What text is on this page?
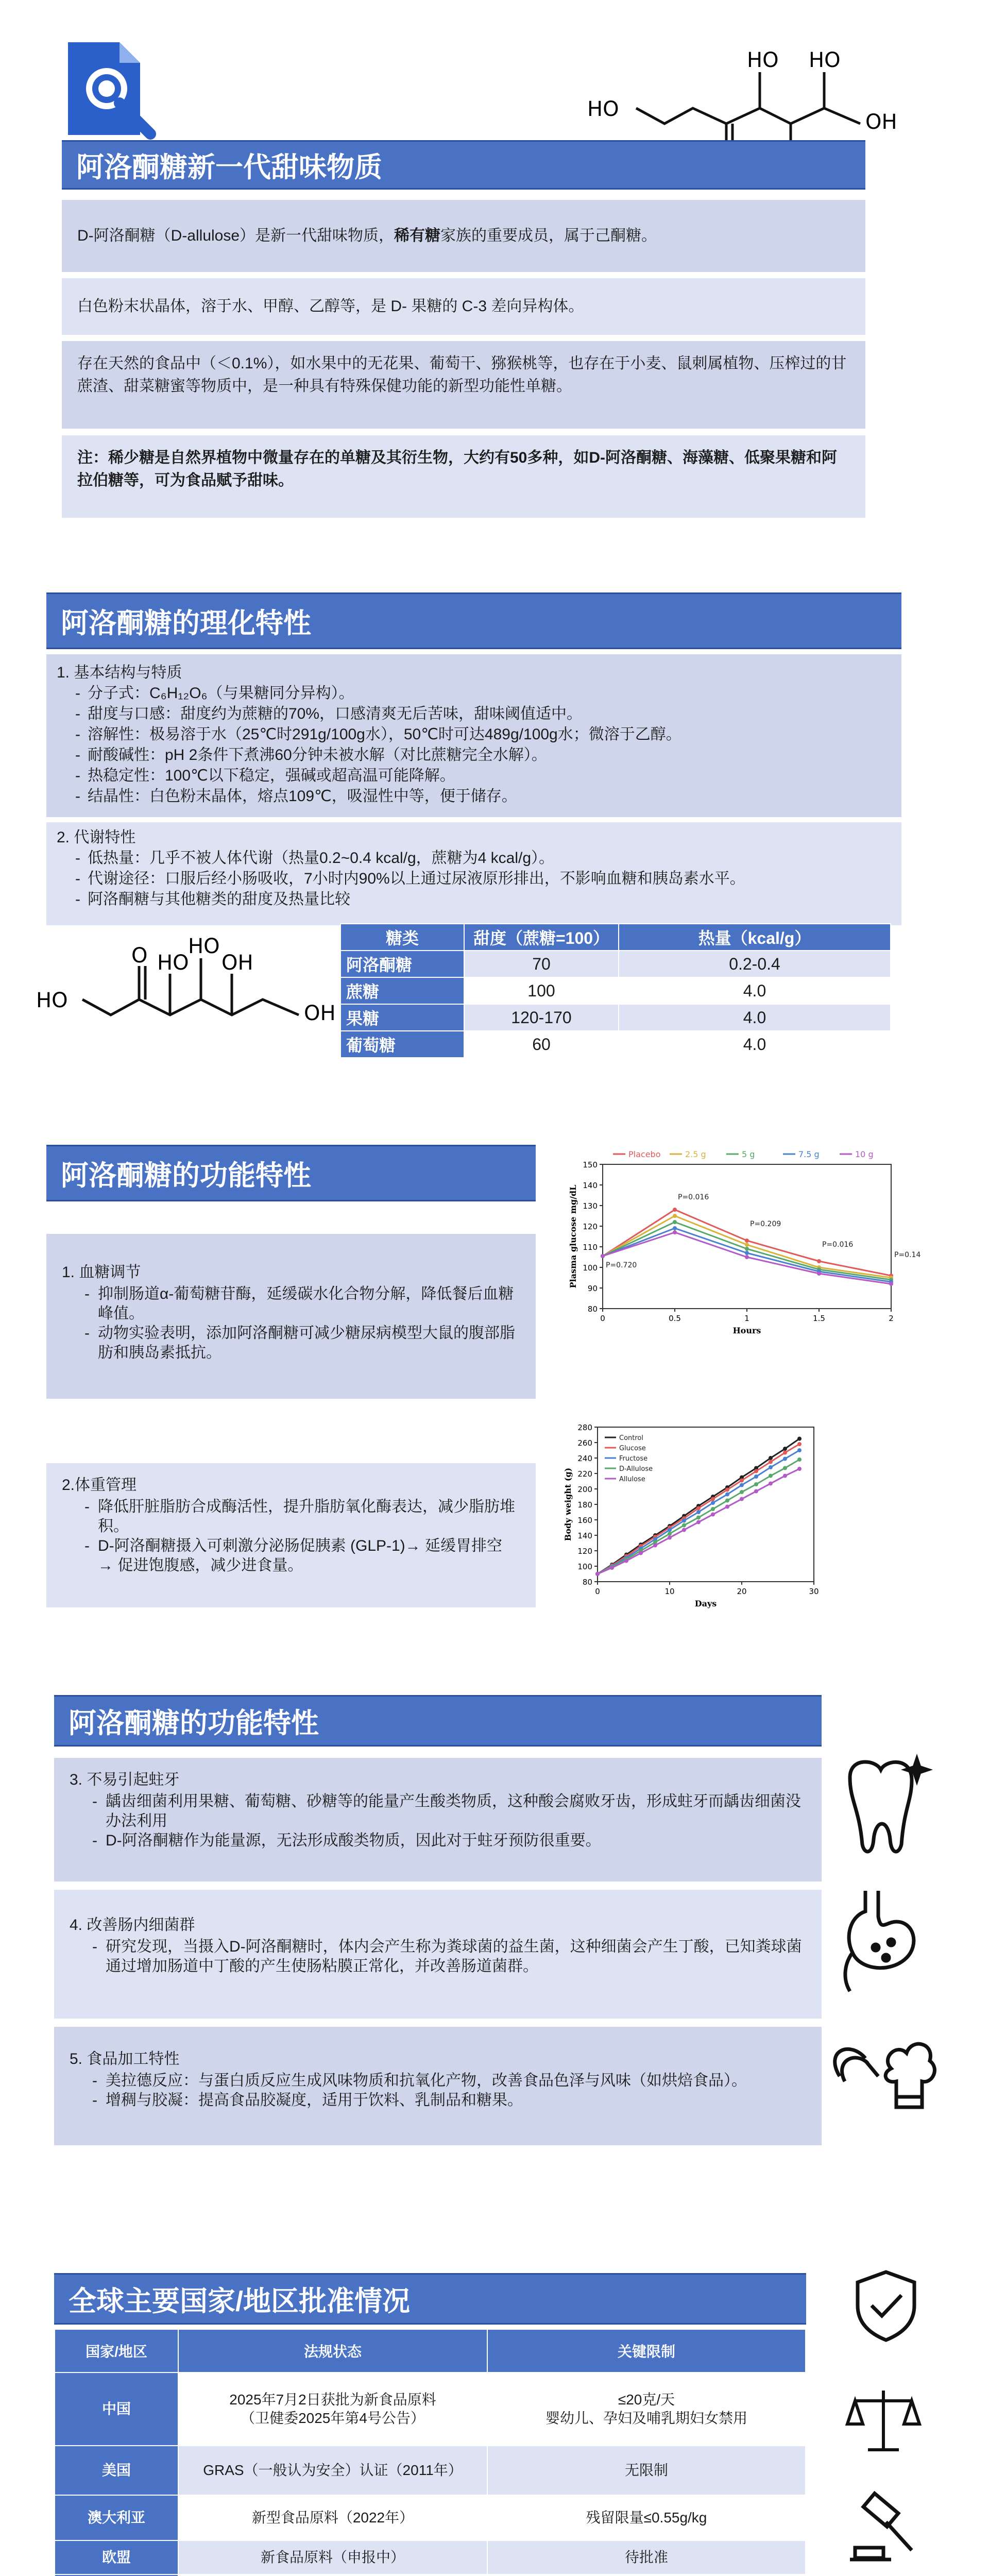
HO
HO HO
OH
阿洛酮糖新一代甜味物质
D-阿洛酮糖（D-allulose）是新一代甜味物质，稀有糖家族的重要成员，属于己酮糖。
白色粉末状晶体，溶于水、甲醇、乙醇等，是 D- 果糖的 C-3 差向异构体。
存在天然的食品中（＜0.1%），如水果中的无花果、葡萄干、猕猴桃等，也存在于小麦、鼠刺属植物、压榨过的甘蔗渣、甜菜糖蜜等物质中，是一种具有特殊保健功能的新型功能性单糖。
注：稀少糖是自然界植物中微量存在的单糖及其衍生物，大约有50多种，如D-阿洛酮糖、海藻糖、低聚果糖和阿拉伯糖等，可为食品赋予甜味。
阿洛酮糖的理化特性
1. 基本结构与特质
- 分子式：C₆H₁₂O₆（与果糖同分异构）。
- 甜度与口感：甜度约为蔗糖的70%，口感清爽无后苦味，甜味阈值适中。
- 溶解性：极易溶于水（25℃时291g/100g水），50℃时可达489g/100g水；微溶于乙醇。
- 耐酸碱性：pH 2条件下煮沸60分钟未被水解（对比蔗糖完全水解）。
- 热稳定性：100℃以下稳定，强碱或超高温可能降解。
- 结晶性：白色粉末晶体，熔点109℃，吸湿性中等，便于储存。
2. 代谢特性
- 低热量：几乎不被人体代谢（热量0.2~0.4 kcal/g，蔗糖为4 kcal/g）。
- 代谢途径：口服后经小肠吸收，7小时内90%以上通过尿液原形排出，不影响血糖和胰岛素水平。
- 阿洛酮糖与其他糖类的甜度及热量比较
HO
O HO
HO
OH
OH
糖类	甜度（蔗糖=100）	热量（kcal/g）
阿洛酮糖	70	0.2-0.4
蔗糖	100	4.0
果糖	120-170	4.0
葡萄糖	60	4.0
阿洛酮糖的功能特性
1. 血糖调节
- 抑制肠道α-葡萄糖苷酶，延缓碳水化合物分解，降低餐后血糖峰值。
- 动物实验表明，添加阿洛酮糖可减少糖尿病模型大鼠的腹部脂肪和胰岛素抵抗。
2.体重管理
- 降低肝脏脂肪合成酶活性，提升脂肪氧化酶表达，减少脂肪堆积。
- D-阿洛酮糖摄入可刺激分泌肠促胰素 (GLP-1)→ 延缓胃排空 → 促进饱腹感，减少进食量。
80
90
100
110
120
130
140
150
0	0.5	1	1.5	2
Hours
Plasma glucose mg/dL
Placebo	2.5 g	5 g	7.5 g	10 g
P=0.720
P=0.016
P=0.209
P=0.016
P=0.14
80
100
120
140
160
180
200
220
240
260
280
0	10	20	30
Days
Body weight (g)
Control
Glucose
Fructose
D-Allulose
Allulose
阿洛酮糖的功能特性
3. 不易引起蛀牙
- 龋齿细菌利用果糖、葡萄糖、砂糖等的能量产生酸类物质，这种酸会腐败牙齿，形成蛀牙而龋齿细菌没办法利用
- D-阿洛酮糖作为能量源，无法形成酸类物质，因此对于蛀牙预防很重要。
4. 改善肠内细菌群
- 研究发现，当摄入D-阿洛酮糖时，体内会产生称为粪球菌的益生菌，这种细菌会产生丁酸，已知粪球菌通过增加肠道中丁酸的产生使肠粘膜正常化，并改善肠道菌群。
5. 食品加工特性
- 美拉德反应：与蛋白质反应生成风味物质和抗氧化产物，改善食品色泽与风味（如烘焙食品）。
- 增稠与胶凝：提高食品胶凝度，适用于饮料、乳制品和糖果。
全球主要国家/地区批准情况
国家/地区	法规状态	关键限制
中国	2025年7月2日获批为新食品原料
（卫健委2025年第4号公告）	≤20克/天
婴幼儿、孕妇及哺乳期妇女禁用
美国	GRAS（一般认为安全）认证（2011年）	无限制
澳大利亚	新型食品原料（2022年）	残留限量≤0.55g/kg
欧盟	新食品原料（申报中）	待批准
